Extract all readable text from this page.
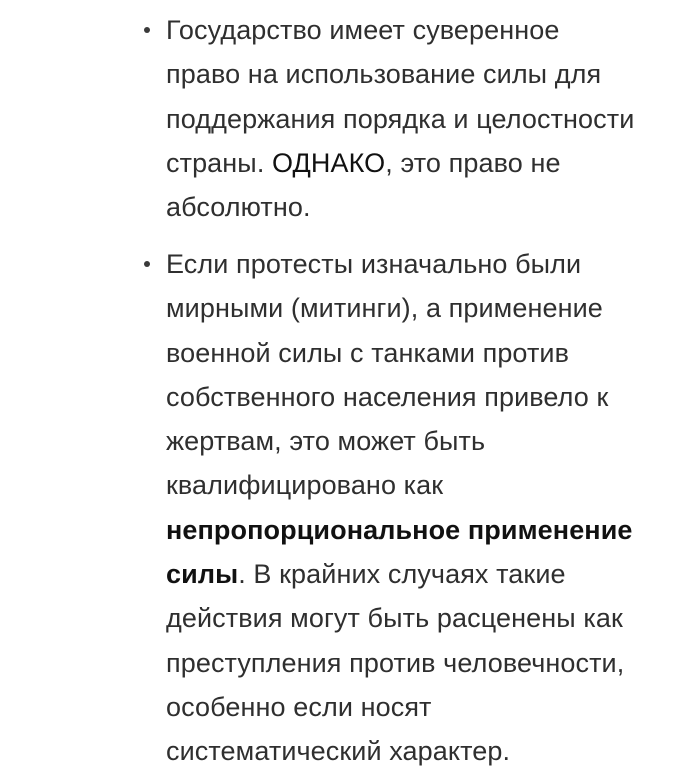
Государство имеет суверенное
право на использование силы для
поддержания порядка и целостности
страны. ОДНАКО, это право не
абсолютно.
Если протесты изначально были
мирными (митинги), а применение
военной силы с танками против
собственного населения привело к
жертвам, это может быть
квалифицировано как
непропорциональное применение
силы. В крайних случаях такие
действия могут быть расценены как
преступления против человечности,
особенно если носят
систематический характер.
